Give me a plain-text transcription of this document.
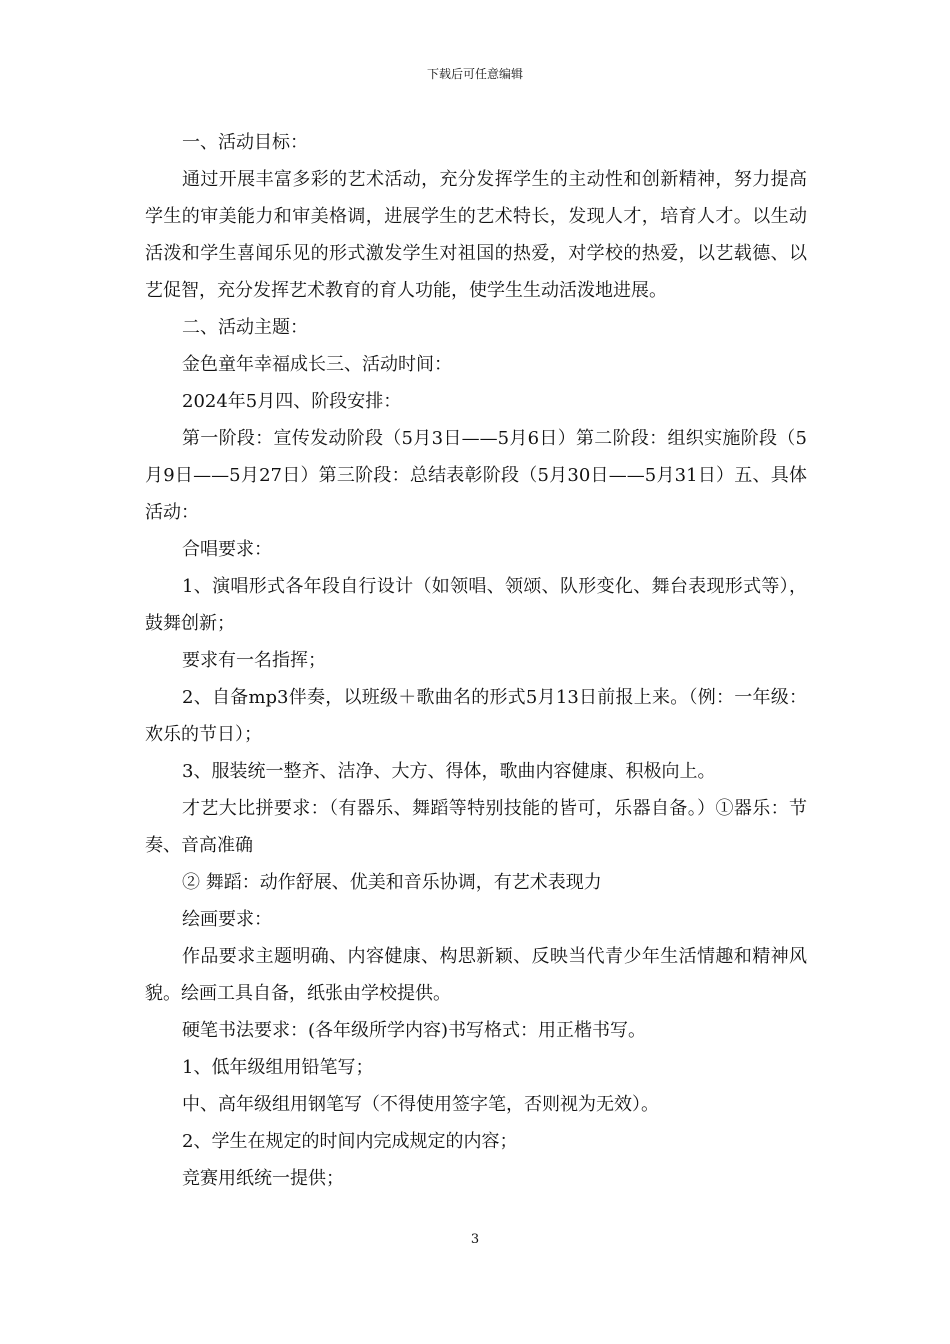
下载后可任意编辑

一、活动目标：

通过开展丰富多彩的艺术活动，充分发挥学生的主动性和创新精神，努力提高学生的审美能力和审美格调，进展学生的艺术特长，发现人才，培育人才。以生动活泼和学生喜闻乐见的形式激发学生对祖国的热爱，对学校的热爱，以艺载德、以艺促智，充分发挥艺术教育的育人功能，使学生生动活泼地进展。

二、活动主题：

金色童年幸福成长三、活动时间：

2024年5月四、阶段安排：

第一阶段：宣传发动阶段（5月3日——5月6日）第二阶段：组织实施阶段（5月9日——5月27日）第三阶段：总结表彰阶段（5月30日——5月31日）五、具体活动：

合唱要求：

1、演唱形式各年段自行设计（如领唱、领颂、队形变化、舞台表现形式等），鼓舞创新；

要求有一名指挥；

2、自备mp3伴奏，以班级＋歌曲名的形式5月13日前报上来。（例：一年级：欢乐的节日）；

3、服装统一整齐、洁净、大方、得体，歌曲内容健康、积极向上。

才艺大比拼要求：（有器乐、舞蹈等特别技能的皆可，乐器自备。）①器乐：节奏、音高准确

② 舞蹈：动作舒展、优美和音乐协调，有艺术表现力

绘画要求：

作品要求主题明确、内容健康、构思新颖、反映当代青少年生活情趣和精神风貌。绘画工具自备，纸张由学校提供。

硬笔书法要求：(各年级所学内容)书写格式：用正楷书写。

1、低年级组用铅笔写；

中、高年级组用钢笔写（不得使用签字笔，否则视为无效）。

2、学生在规定的时间内完成规定的内容；

竞赛用纸统一提供；

3
